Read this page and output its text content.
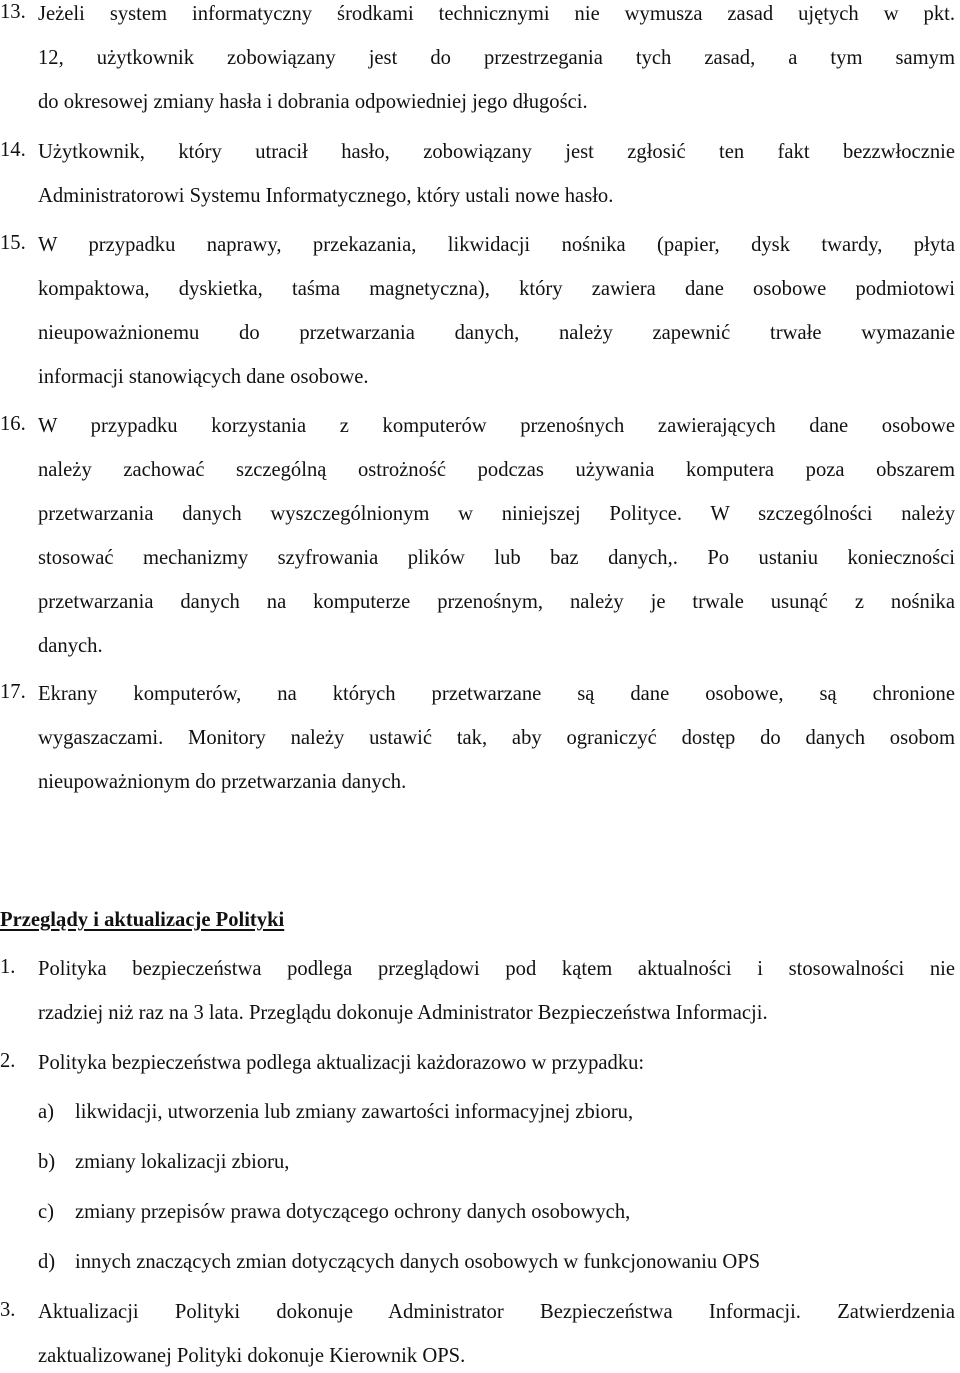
13. Jeżeli system informatyczny środkami technicznymi nie wymusza zasad ujętych w pkt.
12, użytkownik zobowiązany jest do przestrzegania tych zasad, a tym samym
do okresowej zmiany hasła i dobrania odpowiedniej jego długości.
14. Użytkownik, który utracił hasło, zobowiązany jest zgłosić ten fakt bezzwłocznie
Administratorowi Systemu Informatycznego, który ustali nowe hasło.
15. W przypadku naprawy, przekazania, likwidacji nośnika (papier, dysk twardy, płyta
kompaktowa, dyskietka, taśma magnetyczna), który zawiera dane osobowe podmiotowi
nieupoważnionemu do przetwarzania danych, należy zapewnić trwałe wymazanie
informacji stanowiących dane osobowe.
16. W przypadku korzystania z komputerów przenośnych zawierających dane osobowe
należy zachować szczególną ostrożność podczas używania komputera poza obszarem
przetwarzania danych wyszczególnionym w niniejszej Polityce. W szczególności należy
stosować mechanizmy szyfrowania plików lub baz danych,. Po ustaniu konieczności
przetwarzania danych na komputerze przenośnym, należy je trwale usunąć z nośnika
danych.
17. Ekrany komputerów, na których przetwarzane są dane osobowe, są chronione
wygaszaczami. Monitory należy ustawić tak, aby ograniczyć dostęp do danych osobom
nieupoważnionym do przetwarzania danych.
Przeglądy i aktualizacje Polityki
1.	Polityka bezpieczeństwa podlega przeglądowi pod kątem aktualności i stosowalności nie
rzadziej niż raz na 3 lata. Przeglądu dokonuje Administrator Bezpieczeństwa Informacji.
2.	Polityka bezpieczeństwa podlega aktualizacji każdorazowo w przypadku:
a)	likwidacji, utworzenia lub zmiany zawartości informacyjnej zbioru,
b) zmiany lokalizacji zbioru,
c)	zmiany przepisów prawa dotyczącego ochrony danych osobowych,
d) innych znaczących zmian dotyczących danych osobowych w funkcjonowaniu OPS
3.	Aktualizacji Polityki dokonuje Administrator Bezpieczeństwa Informacji. Zatwierdzenia
zaktualizowanej Polityki dokonuje Kierownik OPS.
